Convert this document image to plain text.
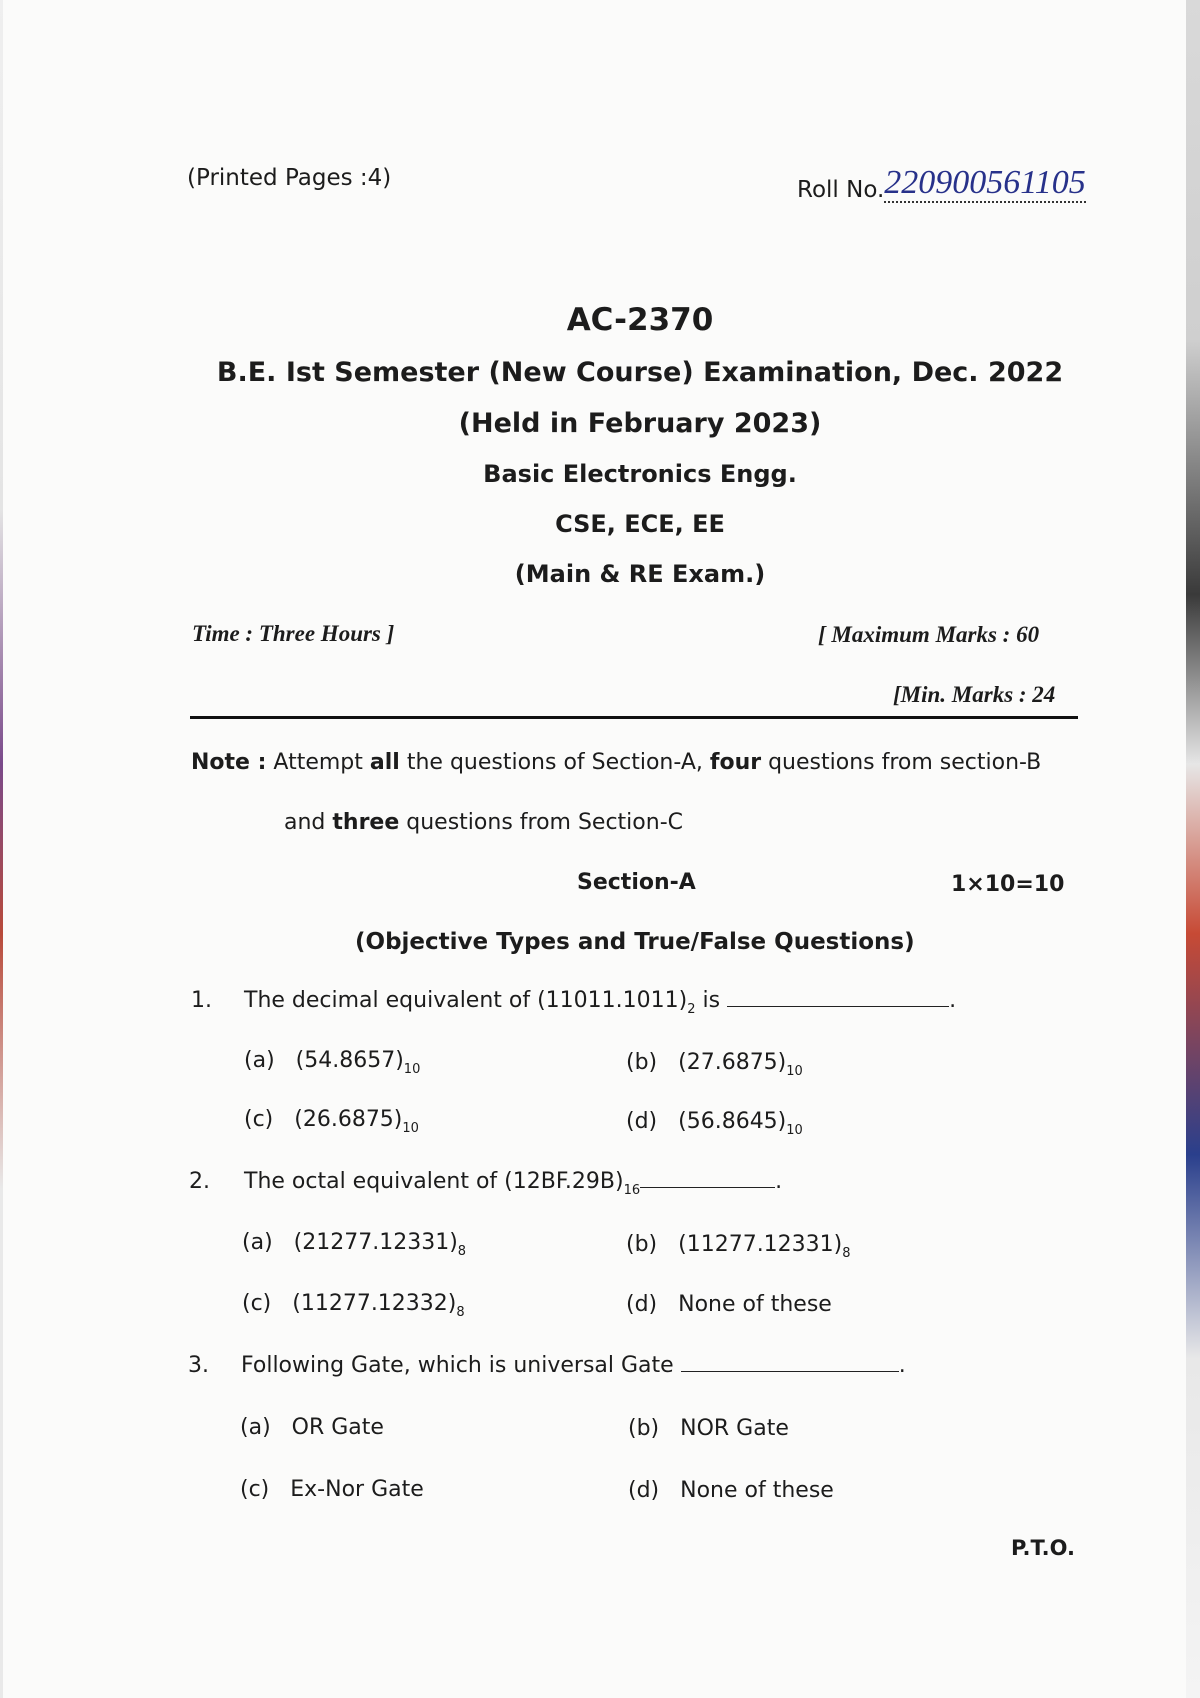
(Printed Pages :4)	Roll No.220900561105
AC-2370
B.E. Ist Semester (New Course) Examination, Dec. 2022
(Held in February 2023)
Basic Electronics Engg.
CSE, ECE, EE
(Main & RE Exam.)
Time : Three Hours ]	[ Maximum Marks : 60
[Min. Marks : 24
Note : Attempt all the questions of Section-A, four questions from section-B
and three questions from Section-C
Section-A	1×10=10
(Objective Types and True/False Questions)
1. The decimal equivalent of $(11011.1011)_2$ is	.
(a) $(54.8657)_{10}$	(b) $(27.6875)_{10}$
(c) $(26.6875)_{10}$	(d) $(56.8645)_{10}$
2. The octal equivalent of $(12BF.29B)_{16}$	.
(a) $(21277.12331)_8$	(b) $(11277.12331)_8$
(c) $(11277.12332)_8$	(d) None of these
3. Following Gate, which is universal Gate	.
(a) OR Gate	(b) NOR Gate
(c) Ex-Nor Gate	(d) None of these
P.T.O.
